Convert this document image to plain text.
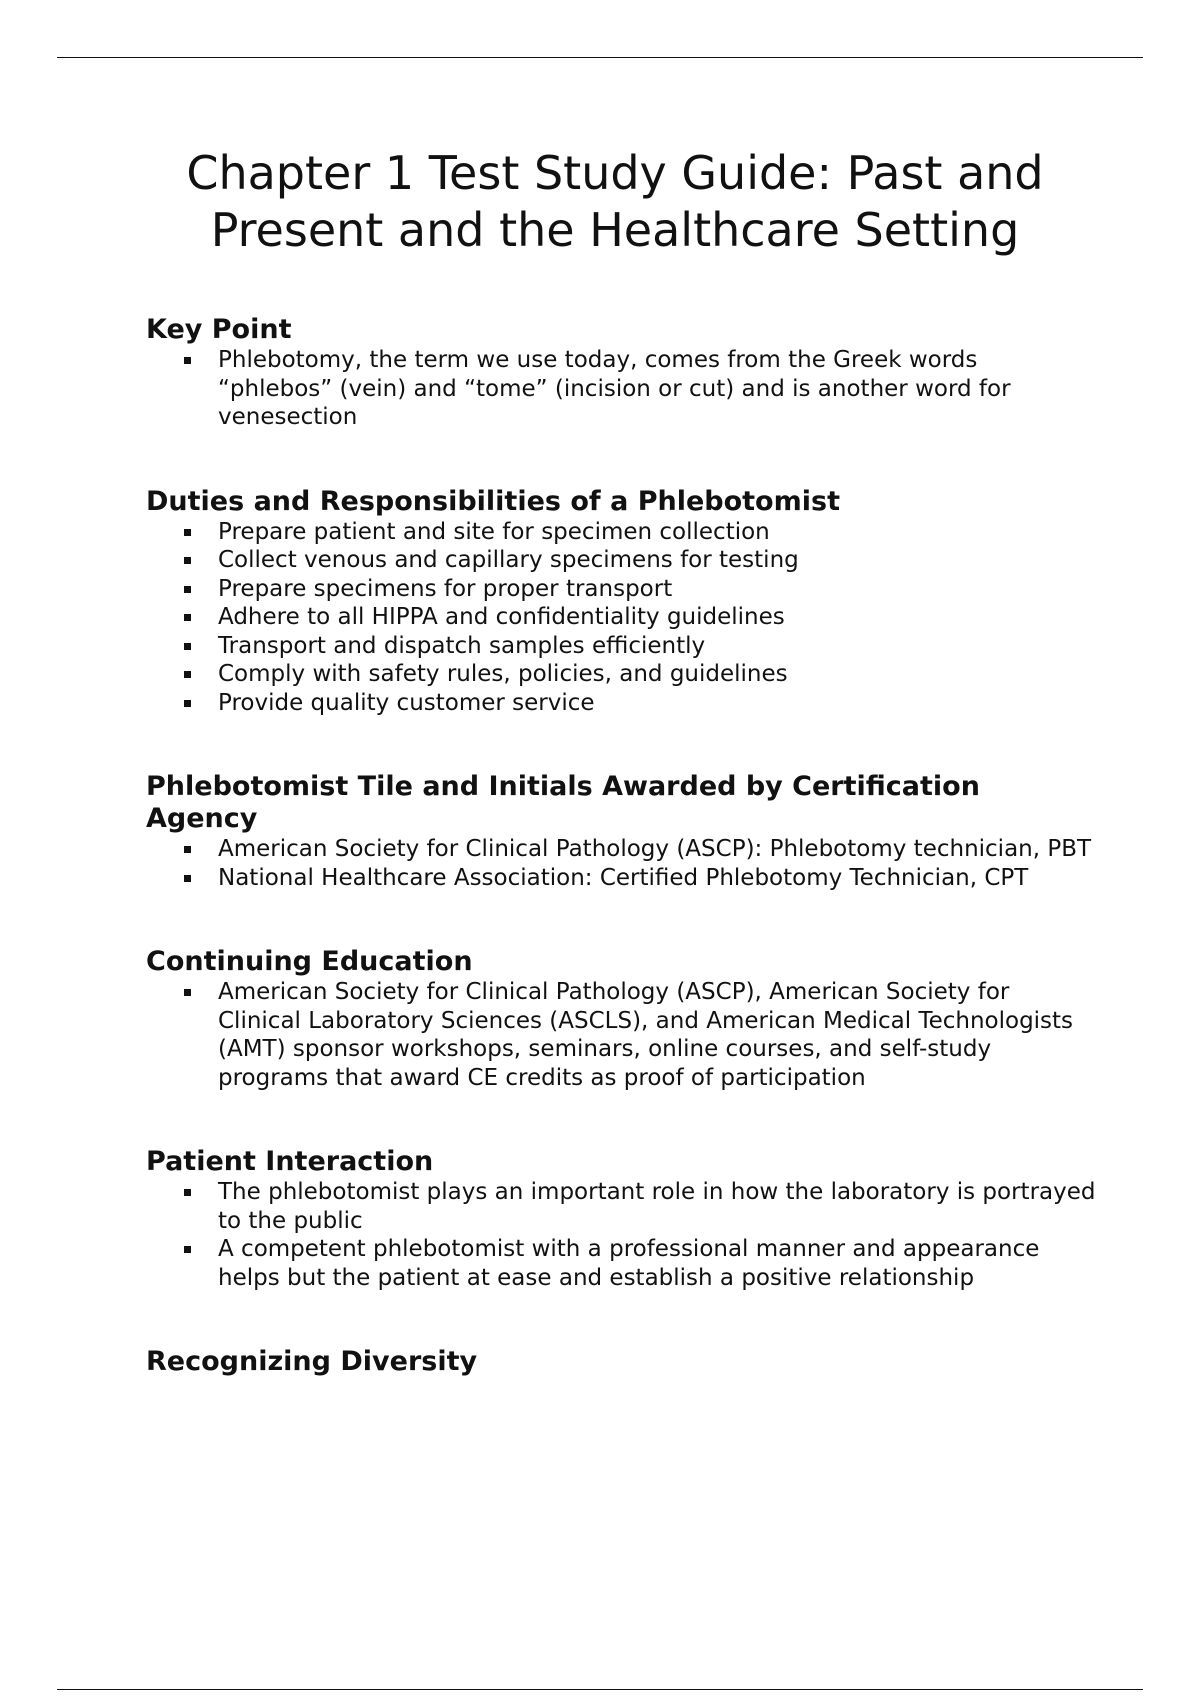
Chapter 1 Test Study Guide: Past and Present and the Healthcare Setting
Key Point
Phlebotomy, the term we use today, comes from the Greek words “phlebos” (vein) and “tome” (incision or cut) and is another word for venesection
Duties and Responsibilities of a Phlebotomist
Prepare patient and site for specimen collection
Collect venous and capillary specimens for testing
Prepare specimens for proper transport
Adhere to all HIPPA and confidentiality guidelines
Transport and dispatch samples efficiently
Comply with safety rules, policies, and guidelines
Provide quality customer service
Phlebotomist Tile and Initials Awarded by Certification Agency
American Society for Clinical Pathology (ASCP): Phlebotomy technician, PBT
National Healthcare Association: Certified Phlebotomy Technician, CPT
Continuing Education
American Society for Clinical Pathology (ASCP), American Society for Clinical Laboratory Sciences (ASCLS), and American Medical Technologists (AMT) sponsor workshops, seminars, online courses, and self-study programs that award CE credits as proof of participation
Patient Interaction
The phlebotomist plays an important role in how the laboratory is portrayed to the public
A competent phlebotomist with a professional manner and appearance helps but the patient at ease and establish a positive relationship
Recognizing Diversity
